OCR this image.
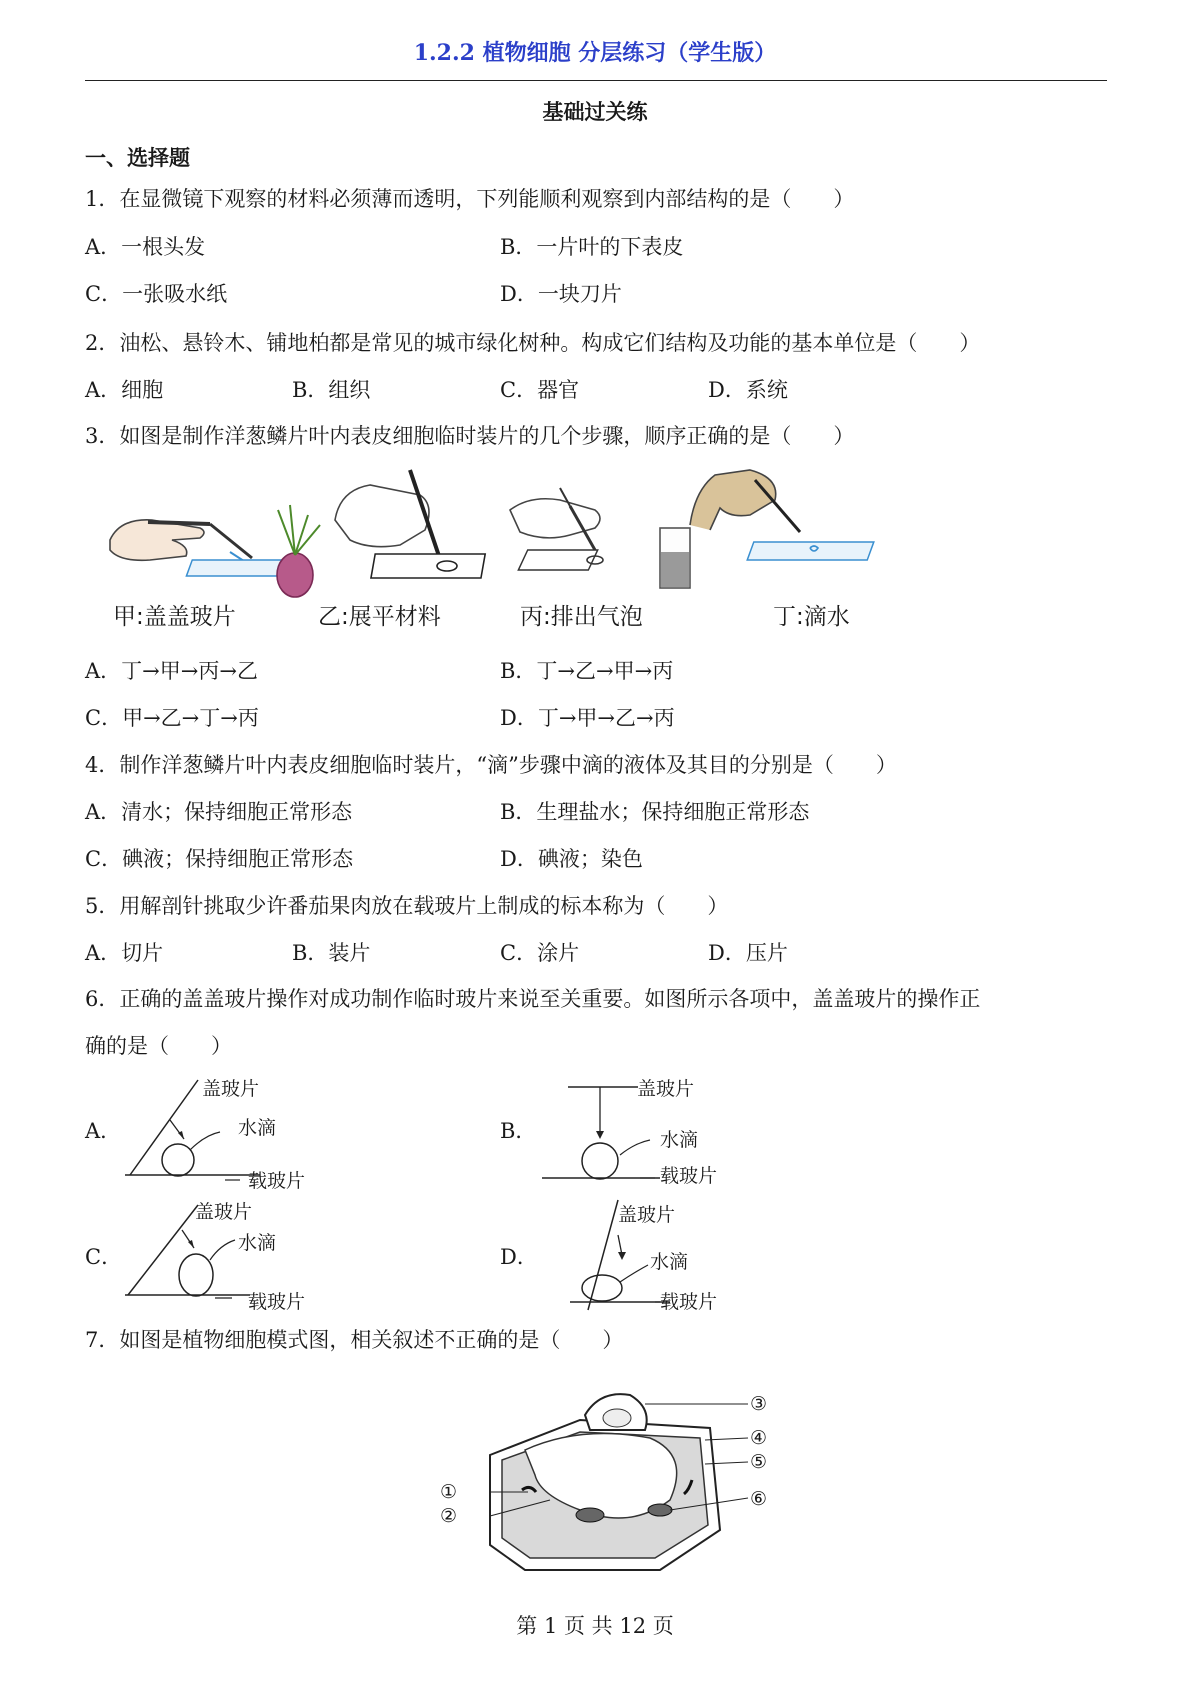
1.2.2 植物细胞 分层练习（学生版）
基础过关练
一、选择题
1．在显微镜下观察的材料必须薄而透明，下列能顺利观察到内部结构的是（　　）
A．一根头发	B．一片叶的下表皮
C．一张吸水纸	D．一块刀片
2．油松、悬铃木、铺地柏都是常见的城市绿化树种。构成它们结构及功能的基本单位是（　　）
A．细胞	B．组织	C．器官	D．系统
3．如图是制作洋葱鳞片叶内表皮细胞临时装片的几个步骤，顺序正确的是（　　）
甲:盖盖玻片	乙:展平材料	丙:排出气泡	丁:滴水
A．丁→甲→丙→乙	B．丁→乙→甲→丙
C．甲→乙→丁→丙	D．丁→甲→乙→丙
4．制作洋葱鳞片叶内表皮细胞临时装片，“滴”步骤中滴的液体及其目的分别是（　　）
A．清水；保持细胞正常形态	B．生理盐水；保持细胞正常形态
C．碘液；保持细胞正常形态	D．碘液；染色
5．用解剖针挑取少许番茄果肉放在载玻片上制成的标本称为（　　）
A．切片	B．装片	C．涂片	D．压片
6．正确的盖盖玻片操作对成功制作临时玻片来说至关重要。如图所示各项中，盖盖玻片的操作正
确的是（　　）
A．
盖玻片
水滴
载玻片
B．
盖玻片
水滴
载玻片
C．
盖玻片
水滴
载玻片
D．
盖玻片
水滴
载玻片
7．如图是植物细胞模式图，相关叙述不正确的是（　　）
①
②
③
④
⑤
⑥
第 1 页 共 12 页
